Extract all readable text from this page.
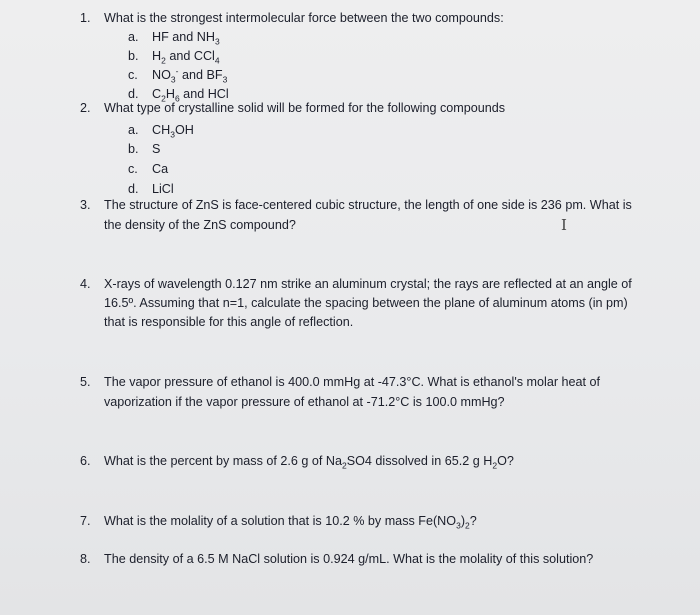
1. What is the strongest intermolecular force between the two compounds:
a. HF and $NH_3$
b. $H_2$ and CCl$_4$
c. $NO_3^-$ and $BF_3$
d. $C_2H_6$ and HCl
2. What type of crystalline solid will be formed for the following compounds
a. $CH_3OH$
b. S
c. Ca
d. LiCl
3. The structure of ZnS is face-centered cubic structure, the length of one side is 236 pm. What is
the density of the ZnS compound?	I
4. X-rays of wavelength 0.127 nm strike an aluminum crystal; the rays are reflected at an angle of
16.5º. Assuming that n=1, calculate the spacing between the plane of aluminum atoms (in pm)
that is responsible for this angle of reflection.
5. The vapor pressure of ethanol is 400.0 mmHg at -47.3°C. What is ethanol's molar heat of
vaporization if the vapor pressure of ethanol at -71.2°C is 100.0 mmHg?
6. What is the percent by mass of 2.6 g of $Na_2SO4$ dissolved in 65.2 g $H_2O$?
7. What is the molality of a solution that is 10.2 % by mass $Fe(NO_3)_2$?
8. The density of a 6.5 M NaCl solution is 0.924 g/mL. What is the molality of this solution?
